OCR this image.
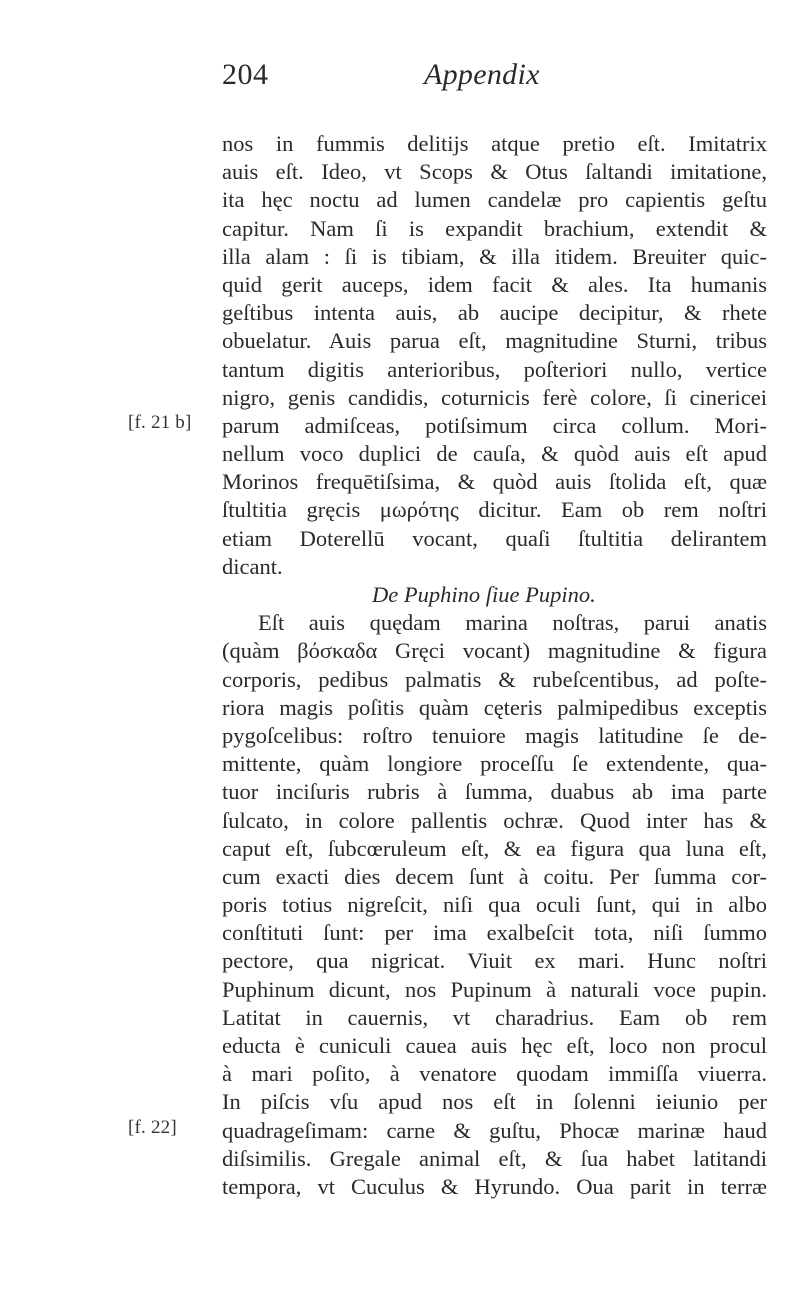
204	Appendix
nos in fummis delitijs atque pretio eſt. Imitatrix
auis eſt. Ideo, vt Scops & Otus ſaltandi imitatione,
ita hęc noctu ad lumen candelæ pro capientis geſtu
capitur. Nam ſi is expandit brachium, extendit &
illa alam : ſi is tibiam, & illa itidem. Breuiter quic-
quid gerit auceps, idem facit & ales. Ita humanis
geſtibus intenta auis, ab aucipe decipitur, & rhete
obuelatur. Auis parua eſt, magnitudine Sturni, tribus
tantum digitis anterioribus, poſteriori nullo, vertice
nigro, genis candidis, coturnicis ferè colore, ſi cinericei
[f. 21 b] parum admiſceas, potiſsimum circa collum. Mori-
nellum voco duplici de cauſa, & quòd auis eſt apud
Morinos frequētiſsima, & quòd auis ſtolida eſt, quæ
ſtultitia gręcis μωρότης dicitur. Eam ob rem noſtri
etiam Doterellū vocant, quaſi ſtultitia delirantem
dicant.
De Puphino ſiue Pupino.
Eſt auis quędam marina noſtras, parui anatis
(quàm βόσκαδα Gręci vocant) magnitudine & figura
corporis, pedibus palmatis & rubeſcentibus, ad poſte-
riora magis poſitis quàm cęteris palmipedibus exceptis
pygoſcelibus: roſtro tenuiore magis latitudine ſe de-
mittente, quàm longiore proceſſu ſe extendente, qua-
tuor inciſuris rubris à ſumma, duabus ab ima parte
ſulcato, in colore pallentis ochræ. Quod inter has &
caput eſt, ſubcœruleum eſt, & ea figura qua luna eſt,
cum exacti dies decem ſunt à coitu. Per ſumma cor-
poris totius nigreſcit, niſi qua oculi ſunt, qui in albo
conſtituti ſunt: per ima exalbeſcit tota, niſi ſummo
pectore, qua nigricat. Viuit ex mari. Hunc noſtri
Puphinum dicunt, nos Pupinum à naturali voce pupin.
Latitat in cauernis, vt charadrius. Eam ob rem
educta è cuniculi cauea auis hęc eſt, loco non procul
à mari poſito, à venatore quodam immiſſa viuerra.
In piſcis vſu apud nos eſt in ſolenni ieiunio per
[f. 22] quadrageſimam: carne & guſtu, Phocæ marinæ haud
diſsimilis. Gregale animal eſt, & ſua habet latitandi
tempora, vt Cuculus & Hyrundo. Oua parit in terræ
